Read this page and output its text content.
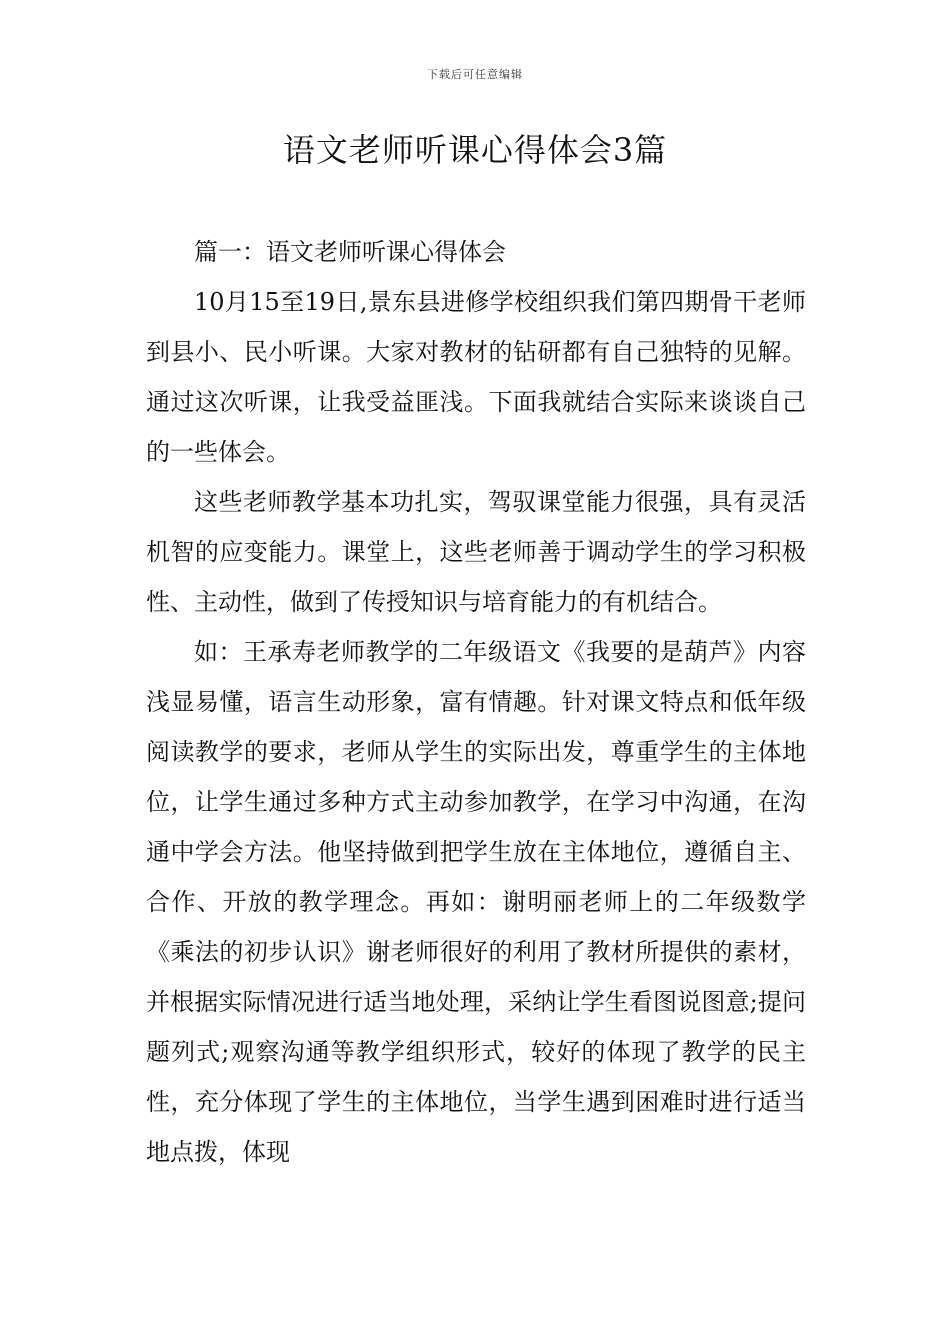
下载后可任意编辑
语文老师听课心得体会3篇

篇一：语文老师听课心得体会

10月15至19日,景东县进修学校组织我们第四期骨干老师到县小、民小听课。大家对教材的钻研都有自己独特的见解。通过这次听课，让我受益匪浅。下面我就结合实际来谈谈自己的一些体会。

这些老师教学基本功扎实，驾驭课堂能力很强，具有灵活机智的应变能力。课堂上，这些老师善于调动学生的学习积极性、主动性，做到了传授知识与培育能力的有机结合。

如：王承寿老师教学的二年级语文《我要的是葫芦》内容浅显易懂，语言生动形象，富有情趣。针对课文特点和低年级阅读教学的要求，老师从学生的实际出发，尊重学生的主体地位，让学生通过多种方式主动参加教学，在学习中沟通，在沟通中学会方法。他坚持做到把学生放在主体地位，遵循自主、合作、开放的教学理念。再如：谢明丽老师上的二年级数学《乘法的初步认识》谢老师很好的利用了教材所提供的素材，并根据实际情况进行适当地处理，采纳让学生看图说图意;提问题列式;观察沟通等教学组织形式，较好的体现了教学的民主性，充分体现了学生的主体地位，当学生遇到困难时进行适当地点拨，体现
